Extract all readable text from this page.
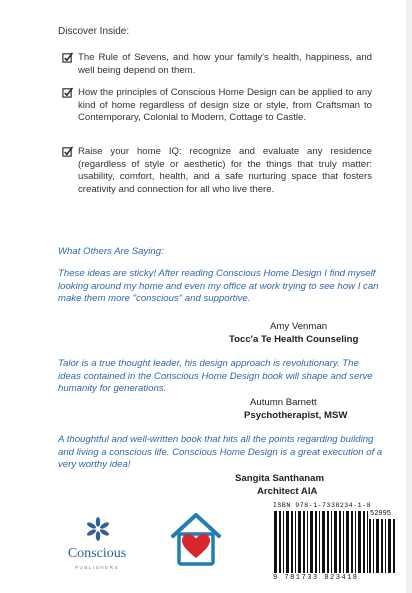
Discover Inside:

The Rule of Sevens, and how your family's health, happiness, and well being depend on them.

How the principles of Conscious Home Design can be applied to any kind of home regardless of design size or style, from Craftsman to Contemporary, Colonial to Modern, Cottage to Castle.

Raise your home IQ: recognize and evaluate any residence (regardless of style or aesthetic) for the things that truly matter: usability, comfort, health, and a safe nurturing space that fosters creativity and connection for all who live there.

What Others Are Saying:
These ideas are sticky! After reading Conscious Home Design I find myself looking around my home and even my office at work trying to see how I can make them more "conscious" and supportive.
Amy Venman
Tocc'a Te Health Counseling
Talor is a true thought leader, his design approach is revolutionary. The ideas contained in the Conscious Home Design book will shape and serve humanity for generations.
Autumn Barnett
Psychotherapist, MSW
A thoughtful and well-written book that hits all the points regarding building and living a conscious life. Conscious Home Design is a great execution of a very worthy idea!
Sangita Santhanam
Architect AIA
Conscious
PUBLISHERS
ISBN 978-1-7338234-1-8
52995
9 781733 823418
